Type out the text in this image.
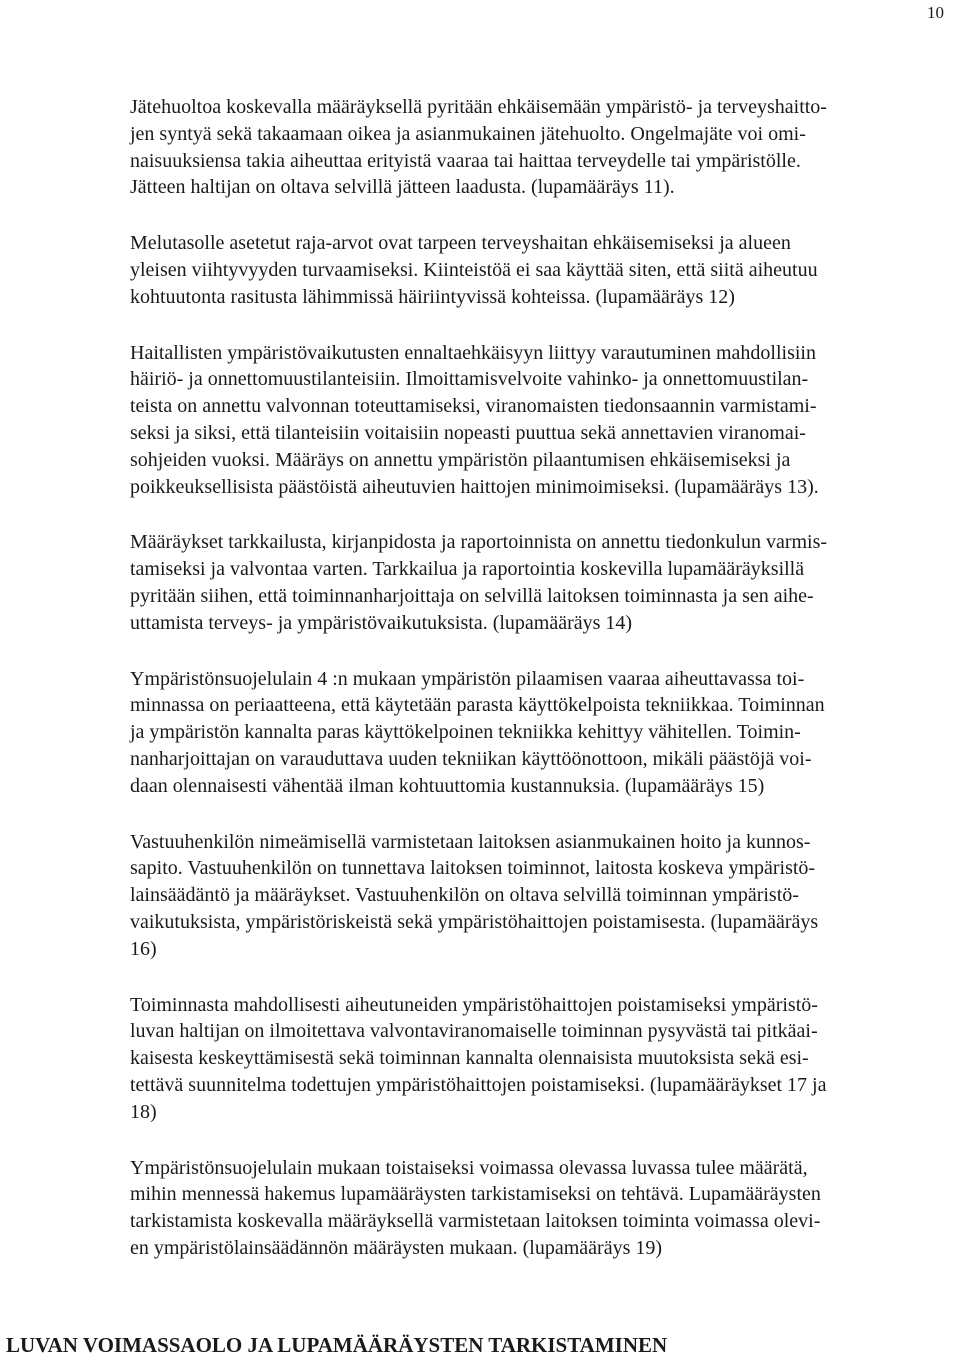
10

Jätehuoltoa koskevalla määräyksellä pyritään ehkäisemään ympäristö- ja terveyshaitto-
jen syntyä sekä takaamaan oikea ja asianmukainen jätehuolto. Ongelmajäte voi omi-
naisuuksiensa takia aiheuttaa erityistä vaaraa tai haittaa terveydelle tai ympäristölle.
Jätteen haltijan on oltava selvillä jätteen laadusta. (lupamääräys 11).

Melutasolle asetetut raja-arvot ovat tarpeen terveyshaitan ehkäisemiseksi ja alueen
yleisen viihtyvyyden turvaamiseksi. Kiinteistöä ei saa käyttää siten, että siitä aiheutuu
kohtuutonta rasitusta lähimmissä häiriintyvissä kohteissa. (lupamääräys 12)

Haitallisten ympäristövaikutusten ennaltaehkäisyyn liittyy varautuminen mahdollisiin
häiriö- ja onnettomuustilanteisiin. Ilmoittamisvelvoite vahinko- ja onnettomuustilan-
teista on annettu valvonnan toteuttamiseksi, viranomaisten tiedonsaannin varmistami-
seksi ja siksi, että tilanteisiin voitaisiin nopeasti puuttua sekä annettavien viranomai-
sohjeiden vuoksi. Määräys on annettu ympäristön pilaantumisen ehkäisemiseksi ja
poikkeuksellisista päästöistä aiheutuvien haittojen minimoimiseksi. (lupamääräys 13).

Määräykset tarkkailusta, kirjanpidosta ja raportoinnista on annettu tiedonkulun varmis-
tamiseksi ja valvontaa varten. Tarkkailua ja raportointia koskevilla lupamääräyksillä
pyritään siihen, että toiminnanharjoittaja on selvillä laitoksen toiminnasta ja sen aihe-
uttamista terveys- ja ympäristövaikutuksista. (lupamääräys 14)

Ympäristönsuojelulain 4 :n mukaan ympäristön pilaamisen vaaraa aiheuttavassa toi-
minnassa on periaatteena, että käytetään parasta käyttökelpoista tekniikkaa. Toiminnan
ja ympäristön kannalta paras käyttökelpoinen tekniikka kehittyy vähitellen. Toimin-
nanharjoittajan on varauduttava uuden tekniikan käyttöönottoon, mikäli päästöjä voi-
daan olennaisesti vähentää ilman kohtuuttomia kustannuksia. (lupamääräys 15)

Vastuuhenkilön nimeämisellä varmistetaan laitoksen asianmukainen hoito ja kunnos-
sapito. Vastuuhenkilön on tunnettava laitoksen toiminnot, laitosta koskeva ympäristö-
lainsäädäntö ja määräykset. Vastuuhenkilön on oltava selvillä toiminnan ympäristö-
vaikutuksista, ympäristöriskeistä sekä ympäristöhaittojen poistamisesta. (lupamääräys
16)

Toiminnasta mahdollisesti aiheutuneiden ympäristöhaittojen poistamiseksi ympäristö-
luvan haltijan on ilmoitettava valvontaviranomaiselle toiminnan pysyvästä tai pitkäai-
kaisesta keskeyttämisestä sekä toiminnan kannalta olennaisista muutoksista sekä esi-
tettävä suunnitelma todettujen ympäristöhaittojen poistamiseksi. (lupamääräykset 17 ja
18)

Ympäristönsuojelulain mukaan toistaiseksi voimassa olevassa luvassa tulee määrätä,
mihin mennessä hakemus lupamääräysten tarkistamiseksi on tehtävä. Lupamääräysten
tarkistamista koskevalla määräyksellä varmistetaan laitoksen toiminta voimassa olevi-
en ympäristölainsäädännön määräysten mukaan. (lupamääräys 19)

LUVAN VOIMASSAOLO JA LUPAMÄÄRÄYSTEN TARKISTAMINEN
